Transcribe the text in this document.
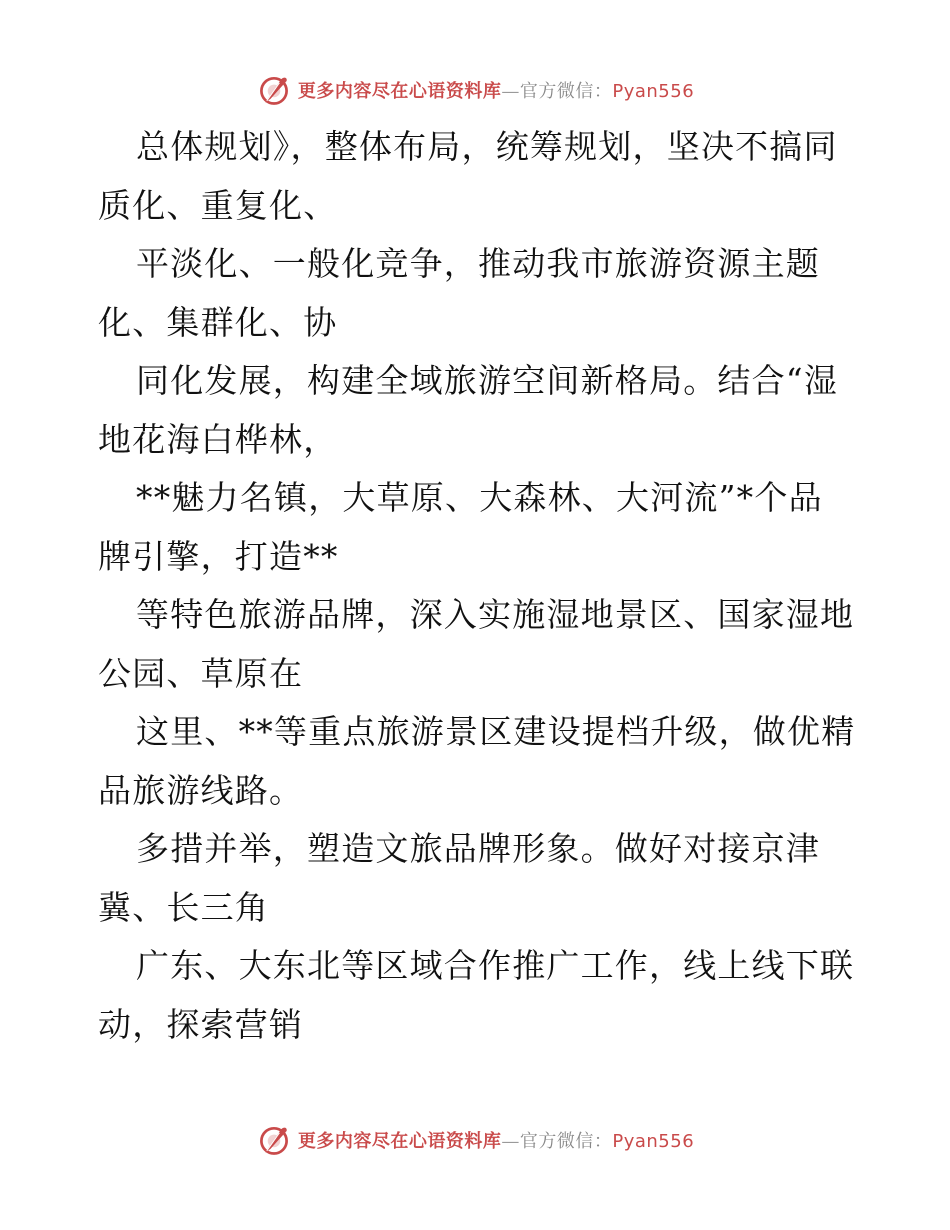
更多内容尽在心语资料库—官方微信：Pyan556
总体规划》，整体布局，统筹规划，坚决不搞同
质化、重复化、
平淡化、一般化竞争，推动我市旅游资源主题
化、集群化、协
同化发展，构建全域旅游空间新格局。结合“湿
地花海白桦林，
**魅力名镇，大草原、大森林、大河流”*个品
牌引擎，打造**
等特色旅游品牌，深入实施湿地景区、国家湿地
公园、草原在
这里、**等重点旅游景区建设提档升级，做优精
品旅游线路。
多措并举，塑造文旅品牌形象。做好对接京津
冀、长三角
广东、大东北等区域合作推广工作，线上线下联
动，探索营销
更多内容尽在心语资料库—官方微信：Pyan556
